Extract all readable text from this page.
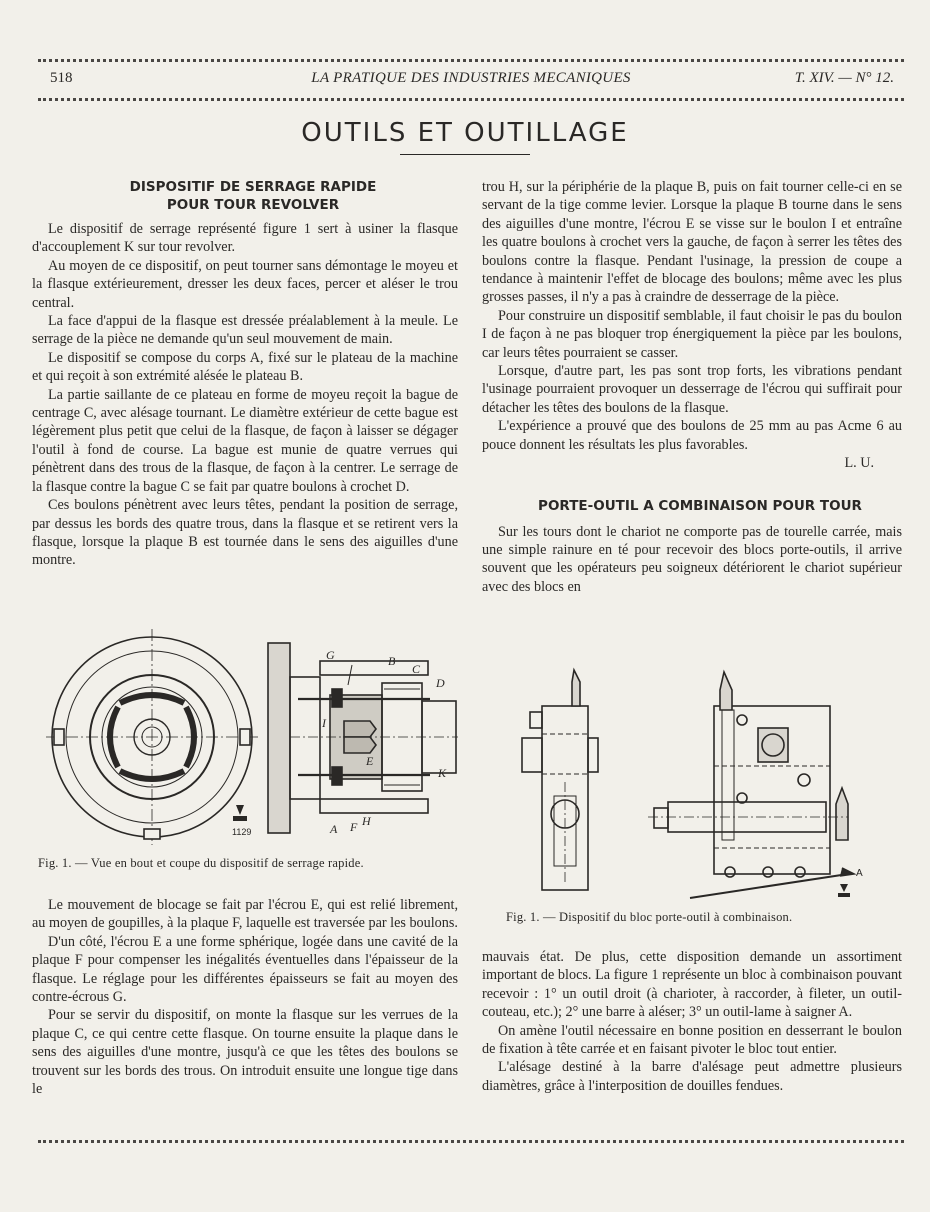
518	LA PRATIQUE DES INDUSTRIES MECANIQUES	T. XIV. — N° 12.
OUTILS ET OUTILLAGE

DISPOSITIF DE SERRAGE RAPIDE

POUR TOUR REVOLVER

Le dispositif de serrage représenté figure 1 sert à usiner la flasque d'accouplement K sur tour revolver.

Au moyen de ce dispositif, on peut tourner sans démontage le moyeu et la flasque extérieurement, dresser les deux faces, percer et aléser le trou central.

La face d'appui de la flasque est dressée préalablement à la meule. Le serrage de la pièce ne demande qu'un seul mouvement de main.

Le dispositif se compose du corps A, fixé sur le plateau de la machine et qui reçoit à son extrémité alésée le plateau B.

La partie saillante de ce plateau en forme de moyeu reçoit la bague de centrage C, avec alésage tournant. Le diamètre extérieur de cette bague est légèrement plus petit que celui de la flasque, de façon à laisser se dégager l'outil à fond de course. La bague est munie de quatre verrues qui pénètrent dans des trous de la flasque, de façon à la centrer. Le serrage de la flasque contre la bague C se fait par quatre boulons à crochet D.

Ces boulons pénètrent avec leurs têtes, pendant la position de serrage, par dessus les bords des quatre trous, dans la flasque et se retirent vers la flasque, lorsque la plaque B est tournée dans le sens des aiguilles d'une montre.

G	B
C
D
I
E
K
A F H
1129
Fig. 1. — Vue en bout et coupe du dispositif de serrage rapide.

Le mouvement de blocage se fait par l'écrou E, qui est relié librement, au moyen de goupilles, à la plaque F, laquelle est traversée par les boulons.

D'un côté, l'écrou E a une forme sphérique, logée dans une cavité de la plaque F pour compenser les inégalités éventuelles dans l'épaisseur de la flasque. Le réglage pour les différentes épaisseurs se fait au moyen des contre-écrous G.

Pour se servir du dispositif, on monte la flasque sur les verrues de la plaque C, ce qui centre cette flasque. On tourne ensuite la plaque dans le sens des aiguilles d'une montre, jusqu'à ce que les têtes des boulons se trouvent sur les bords des trous. On introduit ensuite une longue tige dans le

trou H, sur la périphérie de la plaque B, puis on fait tourner celle-ci en se servant de la tige comme levier. Lorsque la plaque B tourne dans le sens des aiguilles d'une montre, l'écrou E se visse sur le boulon I et entraîne les quatre boulons à crochet vers la gauche, de façon à serrer les têtes des boulons contre la flasque. Pendant l'usinage, la pression de coupe a tendance à maintenir l'effet de blocage des boulons; même avec les plus grosses passes, il n'y a pas à craindre de desserrage de la pièce.

Pour construire un dispositif semblable, il faut choisir le pas du boulon I de façon à ne pas bloquer trop énergiquement la pièce par les boulons, car leurs têtes pourraient se casser.

Lorsque, d'autre part, les pas sont trop forts, les vibrations pendant l'usinage pourraient provoquer un desserrage de l'écrou qui suffirait pour détacher les têtes des boulons de la flasque.

L'expérience a prouvé que des boulons de 25 mm au pas Acme 6 au pouce donnent les résultats les plus favorables.

L. U.

PORTE-OUTIL A COMBINAISON POUR TOUR

Sur les tours dont le chariot ne comporte pas de tourelle carrée, mais une simple rainure en té pour recevoir des blocs porte-outils, il arrive souvent que les opérateurs peu soigneux détériorent le chariot supérieur avec des blocs en

A
Fig. 1. — Dispositif du bloc porte-outil à combinaison.

mauvais état. De plus, cette disposition demande un assortiment important de blocs. La figure 1 représente un bloc à combinaison pouvant recevoir : 1° un outil droit (à charioter, à raccorder, à fileter, un outil-couteau, etc.); 2° une barre à aléser; 3° un outil-lame à saigner A.

On amène l'outil nécessaire en bonne position en desserrant le boulon de fixation à tête carrée et en faisant pivoter le bloc tout entier.

L'alésage destiné à la barre d'alésage peut admettre plusieurs diamètres, grâce à l'interposition de douilles fendues.
